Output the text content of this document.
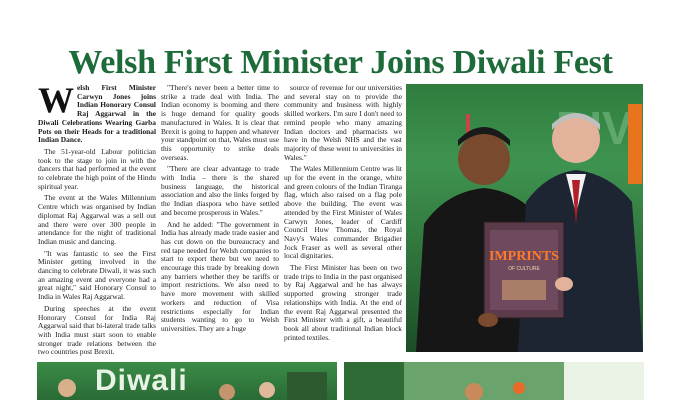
Welsh First Minister Joins Diwali Fest

Welsh First Minister Carwyn Jones joins Indian Honorary Consul Raj Aggarwal in the Diwali Celebrations Wearing Garba Pots on their Heads for a traditional Indian Dance.

The 51-year-old Labour politician took to the stage to join in with the dancers that had performed at the event to celebrate the high point of the Hindu spiritual year.

The event at the Wales Millennium Centre which was organised by Indian diplomat Raj Aggarwal was a sell out and there were over 300 people in attendance for the night of traditional Indian music and dancing.

"It was fantastic to see the First Minister getting involved in the dancing to celebrate Diwali, it was such an amazing event and everyone had a great night," said Honorary Consul to India in Wales Raj Aggarwal.

During speeches at the event Honorary Consul for India Raj Aggarwal said that bi-lateral trade talks with India must start soon to enable stronger trade relations between the two countries post Brexit.

"There's never been a better time to strike a trade deal with India. The Indian economy is booming and there is huge demand for quality goods manufactured in Wales. It is clear that Brexit is going to happen and whatever your standpoint on that, Wales must use this opportunity to strike deals overseas.

"There are clear advantage to trade with India – there is the shared business language, the historical association and also the links forged by the Indian diaspora who have settled and become prosperous in Wales."

And he added: "The government in India has already made trade easier and has cut down on the bureaucracy and red tape needed for Welsh companies to start to export there but we need to encourage this trade by breaking down any barriers whether they be tariffs or import restrictions. We also need to have more movement with skilled workers and reduction of Visa restrictions especially for Indian students wanting to go to Welsh universities. They are a huge

source of revenue for our universities and several stay on to provide the community and business with highly skilled workers. I'm sure I don't need to remind people who many amazing Indian doctors and pharmacists we have in the Welsh NHS and the vast majority of these went to universities in Wales."

The Wales Millennium Centre was lit up for the event in the orange, white and green colours of the Indian Tiranga flag, which also raised on a flag pole above the building. The event was attended by the First Minister of Wales Carwyn Jones, leader of Cardiff Council Huw Thomas, the Royal Navy's Wales commander Brigadier Jock Fraser as well as several other local dignitaries.

The First Minister has been on two trade trips to India in the past organised by Raj Aggarwal and he has always supported growing stronger trade relationships with India. At the end of the event Raj Aggarwal presented the First Minister with a gift, a beautiful book all about traditional Indian block printed textiles.

IMPRINTS
OF CULTURE
Diwali
